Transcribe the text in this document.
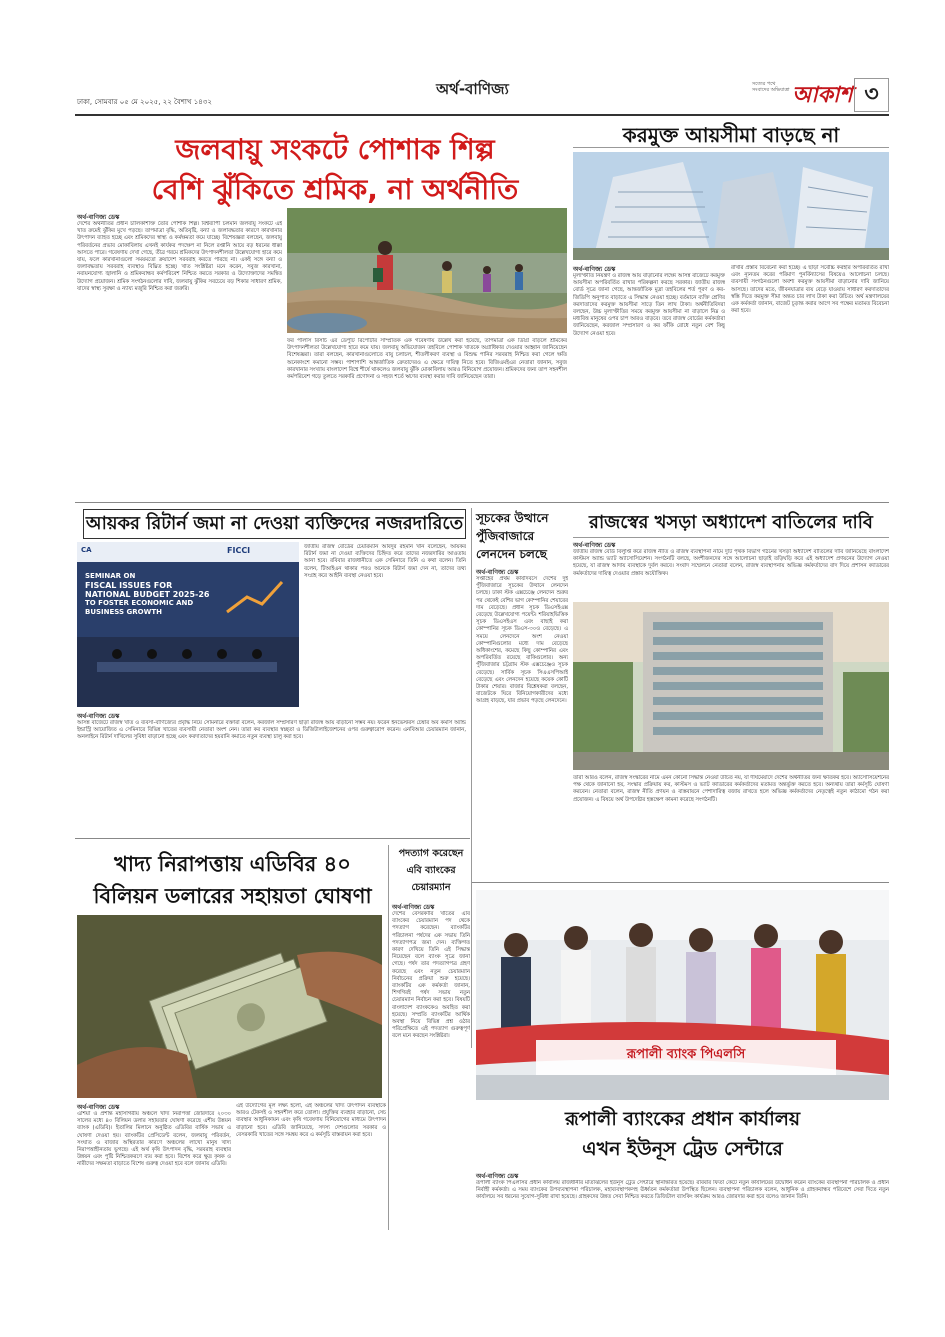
অর্থ-বাণিজ্য
ঢাকা, সোমবার ০৫ মে ২০২৫, ২২ বৈশাখ ১৪৩২
সত্যের পথে সংবাদের অভিযাত্রা আকাশ ৩
জলবায়ু সংকটে পোশাক শিল্প
বেশি ঝুঁকিতে শ্রমিক, না অর্থনীতি
অর্থ-বাণিজ্য ডেস্ক
দেশের অর্থনীতির প্রধান চালিকাশক্তি তৈরি পোশাক শিল্প। বিশ্বব্যাপী চলমান জলবায়ু সংকটে এই খাত ক্রমেই ঝুঁকির মুখে পড়ছে। তাপমাত্রা বৃদ্ধি, অতিবৃষ্টি, বন্যা ও জলাবদ্ধতার কারণে কারখানার উৎপাদন ব্যাহত হচ্ছে এবং শ্রমিকদের স্বাস্থ্য ও কর্মক্ষমতা কমে যাচ্ছে। বিশেষজ্ঞরা বলছেন, জলবায়ু পরিবর্তনের প্রভাব মোকাবিলায় এখনই কার্যকর পদক্ষেপ না নিলে রপ্তানি আয়ে বড় ধরনের ধাক্কা আসতে পারে। গবেষণায় দেখা গেছে, তীব্র গরমে শ্রমিকদের উৎপাদনশীলতা উল্লেখযোগ্য হারে কমে যায়, ফলে কারখানাগুলো সময়মতো ক্রয়াদেশ সরবরাহ করতে পারছে না। একই সঙ্গে বন্যা ও জলাবদ্ধতায় সরবরাহ ব্যবস্থাও বিঘ্নিত হচ্ছে। খাত সংশ্লিষ্টরা মনে করেন, সবুজ কারখানা, নবায়নযোগ্য জ্বালানি ও শ্রমিকবান্ধব কর্মপরিবেশ নিশ্চিত করতে সরকার ও উদ্যোক্তাদের সমন্বিত উদ্যোগ প্রয়োজন। শ্রমিক সংগঠনগুলোর দাবি, জলবায়ু ঝুঁকির সবচেয়ে বড় শিকার সাধারণ শ্রমিক, যাদের স্বাস্থ্য সুরক্ষা ও ন্যায্য মজুরি নিশ্চিত করা জরুরি।
ফর পলিসি রিসার্চ এর ডেপুটি রিপোর্টার সাম্প্রতিক এক গবেষণায় উল্লেখ করা হয়েছে, তাপমাত্রা এক ডিগ্রি বাড়লে শ্রমিকের উৎপাদনশীলতা উল্লেখযোগ্য হারে কমে যায়। জলবায়ু অভিযোজন তহবিলে পোশাক খাতকে অগ্রাধিকার দেওয়ার আহ্বান জানিয়েছেন বিশেষজ্ঞরা। তারা বলছেন, কারখানাগুলোতে বায়ু চলাচল, শীতলীকরণ ব্যবস্থা ও বিশুদ্ধ পানির সরবরাহ নিশ্চিত করা গেলে ক্ষতি অনেকাংশে কমানো সম্ভব। পাশাপাশি আন্তর্জাতিক ক্রেতাদেরও এ ক্ষেত্রে দায়িত্ব নিতে হবে। বিজিএমইএর নেতারা জানান, সবুজ কারখানার সংখ্যায় বাংলাদেশ বিশ্বে শীর্ষে থাকলেও জলবায়ু ঝুঁকি মোকাবিলায় আরও বিনিয়োগ প্রয়োজন। শ্রমিকদের জন্য তাপ সহনশীল কর্মপরিবেশ গড়ে তুলতে সরকারি প্রণোদনা ও সহজ শর্তে ঋণের ব্যবস্থা করার দাবি জানিয়েছেন তারা।
করমুক্ত আয়সীমা বাড়ছে না
অর্থ-বাণিজ্য ডেস্ক
মূল্যস্ফীতি নিয়ন্ত্রণ ও রাজস্ব আয় বাড়ানোর লক্ষ্যে আসন্ন বাজেটে করমুক্ত আয়সীমা অপরিবর্তিত রাখার পরিকল্পনা করছে সরকার। জাতীয় রাজস্ব বোর্ড সূত্রে জানা গেছে, আন্তর্জাতিক মুদ্রা তহবিলের শর্ত পূরণ ও কর-জিডিপি অনুপাত বাড়াতে এ সিদ্ধান্ত নেওয়া হচ্ছে। বর্তমানে ব্যক্তি শ্রেণির করদাতাদের করমুক্ত আয়সীমা সাড়ে তিন লাখ টাকা। অর্থনীতিবিদরা বলছেন, উচ্চ মূল্যস্ফীতির সময়ে করমুক্ত আয়সীমা না বাড়ালে নিম্ন ও মধ্যবিত্ত মানুষের ওপর চাপ আরও বাড়বে। তবে রাজস্ব বোর্ডের কর্মকর্তারা জানিয়েছেন, করজাল সম্প্রসারণ ও কর ফাঁকি রোধে নতুন বেশ কিছু উদ্যোগ নেওয়া হবে।
রাখার প্রস্তাব বিবেচনা করা হচ্ছে। এ ছাড়া সর্বোচ্চ করহার অপরিবর্তিত রাখা এবং ন্যূনতম করের পরিমাণ পুনর্বিন্যাসের বিষয়েও আলোচনা চলছে। ব্যবসায়ী সংগঠনগুলো অবশ্য করমুক্ত আয়সীমা বাড়ানোর দাবি জানিয়ে আসছে। তাদের মতে, জীবনযাত্রার ব্যয় বেড়ে যাওয়ায় সাধারণ করদাতাদের স্বস্তি দিতে করমুক্ত সীমা অন্তত চার লাখ টাকা করা উচিত। অর্থ মন্ত্রণালয়ের এক কর্মকর্তা জানান, বাজেট চূড়ান্ত করার আগে সব পক্ষের মতামত বিবেচনা করা হবে।
আয়কর রিটার্ন জমা না দেওয়া ব্যক্তিদের নজরদারিতে
CA	FICCI
SEMINAR ON
FISCAL ISSUES FOR
NATIONAL BUDGET 2025-26
TO FOSTER ECONOMIC AND
BUSINESS GROWTH
জাতীয় রাজস্ব বোর্ডের চেয়ারম্যান আবদুর রহমান খান বলেছেন, আয়কর রিটার্ন জমা না দেওয়া ব্যক্তিদের চিহ্নিত করে তাদের নজরদারির আওতায় আনা হবে। রবিবার রাজধানীতে এক সেমিনারে তিনি এ কথা বলেন। তিনি বলেন, টিআইএন থাকার পরও অনেকে রিটার্ন জমা দেন না, তাদের তথ্য সংগ্রহ করে আইনি ব্যবস্থা নেওয়া হবে।
অর্থ-বাণিজ্য ডেস্ক
আসন্ন বাজেটে রাজস্ব খাত ও ব্যবসা-বাণিজ্যের প্রবৃদ্ধি নিয়ে সেমিনারে বক্তারা বলেন, করজাল সম্প্রসারণ ছাড়া রাজস্ব আয় বাড়ানো সম্ভব নয়। ফরেন ইনভেস্টরস চেম্বার অব কমার্স অ্যান্ড ইন্ডাস্ট্রি আয়োজিত এ সেমিনারে বিভিন্ন খাতের ব্যবসায়ী নেতারা অংশ নেন। তারা কর ব্যবস্থার স্বচ্ছতা ও ডিজিটালাইজেশনের ওপর গুরুত্বারোপ করেন। এনবিআর চেয়ারম্যান জানান, অনলাইনে রিটার্ন দাখিলের সুবিধা বাড়ানো হচ্ছে এবং করদাতাদের হয়রানি কমাতে নতুন ব্যবস্থা চালু করা হবে।
সূচকের উত্থানে
পুঁজিবাজারে
লেনদেন চলছে
অর্থ-বাণিজ্য ডেস্ক
সপ্তাহের প্রথম কার্যদিবসে দেশের দুই পুঁজিবাজারে সূচকের উত্থানে লেনদেন চলছে। ঢাকা স্টক এক্সচেঞ্জে লেনদেন শুরুর পর থেকেই বেশির ভাগ কোম্পানির শেয়ারের দাম বেড়েছে। প্রধান সূচক ডিএসইএক্স বেড়েছে উল্লেখযোগ্য পয়েন্ট। শরিয়াহভিত্তিক সূচক ডিএসইএস এবং বাছাই করা কোম্পানির সূচক ডিএস-৩০ও বেড়েছে। এ সময়ে লেনদেনে অংশ নেওয়া কোম্পানিগুলোর মধ্যে দাম বেড়েছে অধিকাংশের, কমেছে কিছু কোম্পানির এবং অপরিবর্তিত রয়েছে বাকিগুলোর। অন্য পুঁজিবাজার চট্টগ্রাম স্টক এক্সচেঞ্জেও সূচক বেড়েছে। সার্বিক সূচক সিএএসপিআই বেড়েছে এবং লেনদেন হয়েছে কয়েক কোটি টাকার শেয়ার। বাজার বিশ্লেষকরা বলছেন, বাজেটকে ঘিরে বিনিয়োগকারীদের মধ্যে আগ্রহ বাড়ছে, যার প্রভাব পড়ছে লেনদেনে।
রাজস্বের খসড়া অধ্যাদেশ বাতিলের দাবি
অর্থ-বাণিজ্য ডেস্ক
জাতীয় রাজস্ব বোর্ড বিলুপ্তি করে রাজস্ব নীতি ও রাজস্ব ব্যবস্থাপনা নামে দুটি পৃথক বিভাগ গঠনের খসড়া অধ্যাদেশ বাতিলের দাবি জানিয়েছে বাংলাদেশ কাস্টমস অ্যান্ড ভ্যাট অ্যাসোসিয়েশন। সংগঠনটি বলছে, অংশীজনদের সঙ্গে আলোচনা ছাড়াই তড়িঘড়ি করে এই অধ্যাদেশ প্রণয়নের উদ্যোগ নেওয়া হয়েছে, যা রাজস্ব আদায় ব্যবস্থাকে দুর্বল করবে। সংবাদ সম্মেলনে নেতারা বলেন, রাজস্ব ব্যবস্থাপনায় অভিজ্ঞ কর্মকর্তাদের বাদ দিয়ে প্রশাসন ক্যাডারের কর্মকর্তাদের দায়িত্ব দেওয়ার প্রস্তাব অযৌক্তিক।
তারা আরও বলেন, রাজস্ব সংস্কারের নামে এমন কোনো সিদ্ধান্ত নেওয়া উচিত নয়, যা দীর্ঘমেয়াদে দেশের অর্থনীতির জন্য ক্ষতিকর হবে। অ্যাসোসিয়েশনের পক্ষ থেকে জানানো হয়, সংস্কার প্রক্রিয়ায় কর, কাস্টমস ও ভ্যাট ক্যাডারের কর্মকর্তাদের মতামত অন্তর্ভুক্ত করতে হবে। অন্যথায় তারা কর্মসূচি ঘোষণা করবেন। নেতারা বলেন, রাজস্ব নীতি প্রণয়ন ও বাস্তবায়নে পেশাদারিত্ব বজায় রাখতে হলে অভিজ্ঞ কর্মকর্তাদের নেতৃত্বেই নতুন কাঠামো গঠন করা প্রয়োজন। এ বিষয়ে অর্থ উপদেষ্টার হস্তক্ষেপ কামনা করেছে সংগঠনটি।
খাদ্য নিরাপত্তায় এডিবির ৪০
বিলিয়ন ডলারের সহায়তা ঘোষণা
অর্থ-বাণিজ্য ডেস্ক
এশিয়া ও প্রশান্ত মহাসাগরীয় অঞ্চলে খাদ্য নিরাপত্তা জোরদারে ২০৩০ সালের মধ্যে ৪০ বিলিয়ন ডলার সহায়তার ঘোষণা করেছে এশীয় উন্নয়ন ব্যাংক (এডিবি)। ইতালির মিলানে অনুষ্ঠিত এডিবির বার্ষিক সভায় এ ঘোষণা দেওয়া হয়। ব্যাংকটির প্রেসিডেন্ট বলেন, জলবায়ু পরিবর্তন, সংঘাত ও বাজার অস্থিরতার কারণে অঞ্চলের লাখো মানুষ খাদ্য নিরাপত্তাহীনতায় ভুগছে। এই অর্থ কৃষি উৎপাদন বৃদ্ধি, সরবরাহ ব্যবস্থার উন্নয়ন এবং পুষ্টি নিশ্চিতকরণে ব্যয় করা হবে। বিশেষ করে ক্ষুদ্র কৃষক ও নারীদের সক্ষমতা বাড়াতে বিশেষ গুরুত্ব দেওয়া হবে বলে জানায় এডিবি।
এই উদ্যোগের মূল লক্ষ্য হলো, এই অঞ্চলের খাদ্য উৎপাদন ব্যবস্থাকে আরও টেকসই ও সহনশীল করে তোলা। প্রযুক্তির ব্যবহার বাড়ানো, সেচ ব্যবস্থার আধুনিকায়ন এবং কৃষি গবেষণায় বিনিয়োগের মাধ্যমে উৎপাদন বাড়ানো হবে। এডিবি জানিয়েছে, সদস্য দেশগুলোর সরকার ও বেসরকারি খাতের সঙ্গে সমন্বয় করে এ কর্মসূচি বাস্তবায়ন করা হবে।
পদত্যাগ করেছেন
এবি ব্যাংকের
চেয়ারম্যান
অর্থ-বাণিজ্য ডেস্ক
দেশের বেসরকারি খাতের এবি ব্যাংকের চেয়ারম্যান পদ থেকে পদত্যাগ করেছেন। ব্যাংকটির পরিচালনা পর্ষদের এক সভায় তিনি পদত্যাগপত্র জমা দেন। ব্যক্তিগত কারণ দেখিয়ে তিনি এই সিদ্ধান্ত নিয়েছেন বলে ব্যাংক সূত্রে জানা গেছে। পর্ষদ তার পদত্যাগপত্র গ্রহণ করেছে এবং নতুন চেয়ারম্যান নির্বাচনের প্রক্রিয়া শুরু হয়েছে। ব্যাংকটির এক কর্মকর্তা জানান, শিগগিরই পর্ষদ সভায় নতুন চেয়ারম্যান নির্বাচন করা হবে। বিষয়টি বাংলাদেশ ব্যাংককেও অবহিত করা হয়েছে। সম্প্রতি ব্যাংকটির আর্থিক অবস্থা নিয়ে বিভিন্ন প্রশ্ন ওঠার পরিপ্রেক্ষিতে এই পদত্যাগ গুরুত্বপূর্ণ বলে মনে করছেন সংশ্লিষ্টরা।
রূপালী ব্যাংক পিএলসি
রূপালী ব্যাংকের প্রধান কার্যালয়
এখন ইউনূস ট্রেড সেন্টারে
অর্থ-বাণিজ্য ডেস্ক
রূপালী ব্যাংক পিএলসির প্রধান কার্যালয় রাজধানীর মতিঝিলের ইউনূস ট্রেড সেন্টারে স্থানান্তরিত হয়েছে। রবিবার ফিতা কেটে নতুন কার্যালয়ের উদ্বোধন করেন ব্যাংকের ব্যবস্থাপনা পরিচালক ও প্রধান নির্বাহী কর্মকর্তা। এ সময় ব্যাংকের উপব্যবস্থাপনা পরিচালক, মহাব্যবস্থাপকসহ ঊর্ধ্বতন কর্মকর্তারা উপস্থিত ছিলেন। ব্যবস্থাপনা পরিচালক বলেন, আধুনিক ও গ্রাহকবান্ধব পরিবেশে সেবা দিতে নতুন কার্যালয়ে সব ধরনের সুযোগ-সুবিধা রাখা হয়েছে। গ্রাহকদের উন্নত সেবা নিশ্চিত করতে ডিজিটাল ব্যাংকিং কার্যক্রম আরও জোরদার করা হবে বলেও জানান তিনি।
